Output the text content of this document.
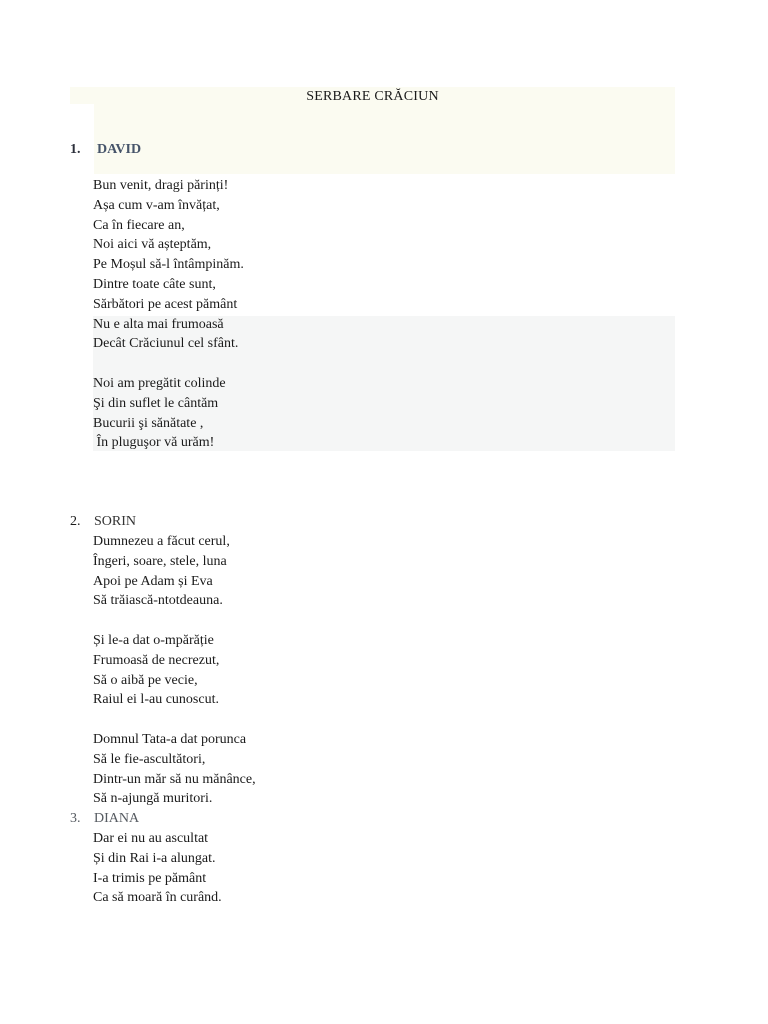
SERBARE CRĂCIUN
1. DAVID
Bun venit, dragi părinți!
Așa cum v-am învățat,
Ca în fiecare an,
Noi aici vă așteptăm,
Pe Moșul să-l întâmpinăm.
Dintre toate câte sunt,
Sărbători pe acest pământ
Nu e alta mai frumoasă
Decât Crăciunul cel sfânt.
Noi am pregătit colinde
Şi din suflet le cântăm
Bucurii şi sănătate ,
În pluguşor vă urăm!
2. SORIN
Dumnezeu a făcut cerul,
Îngeri, soare, stele, luna
Apoi pe Adam și Eva
Să trăiască-ntotdeauna.
Și le-a dat o-mpărăție
Frumoasă de necrezut,
Să o aibă pe vecie,
Raiul ei l-au cunoscut.
Domnul Tata-a dat porunca
Să le fie-ascultători,
Dintr-un măr să nu mănânce,
Să n-ajungă muritori.
3. DIANA
Dar ei nu au ascultat
Și din Rai i-a alungat.
I-a trimis pe pământ
Ca să moară în curând.
